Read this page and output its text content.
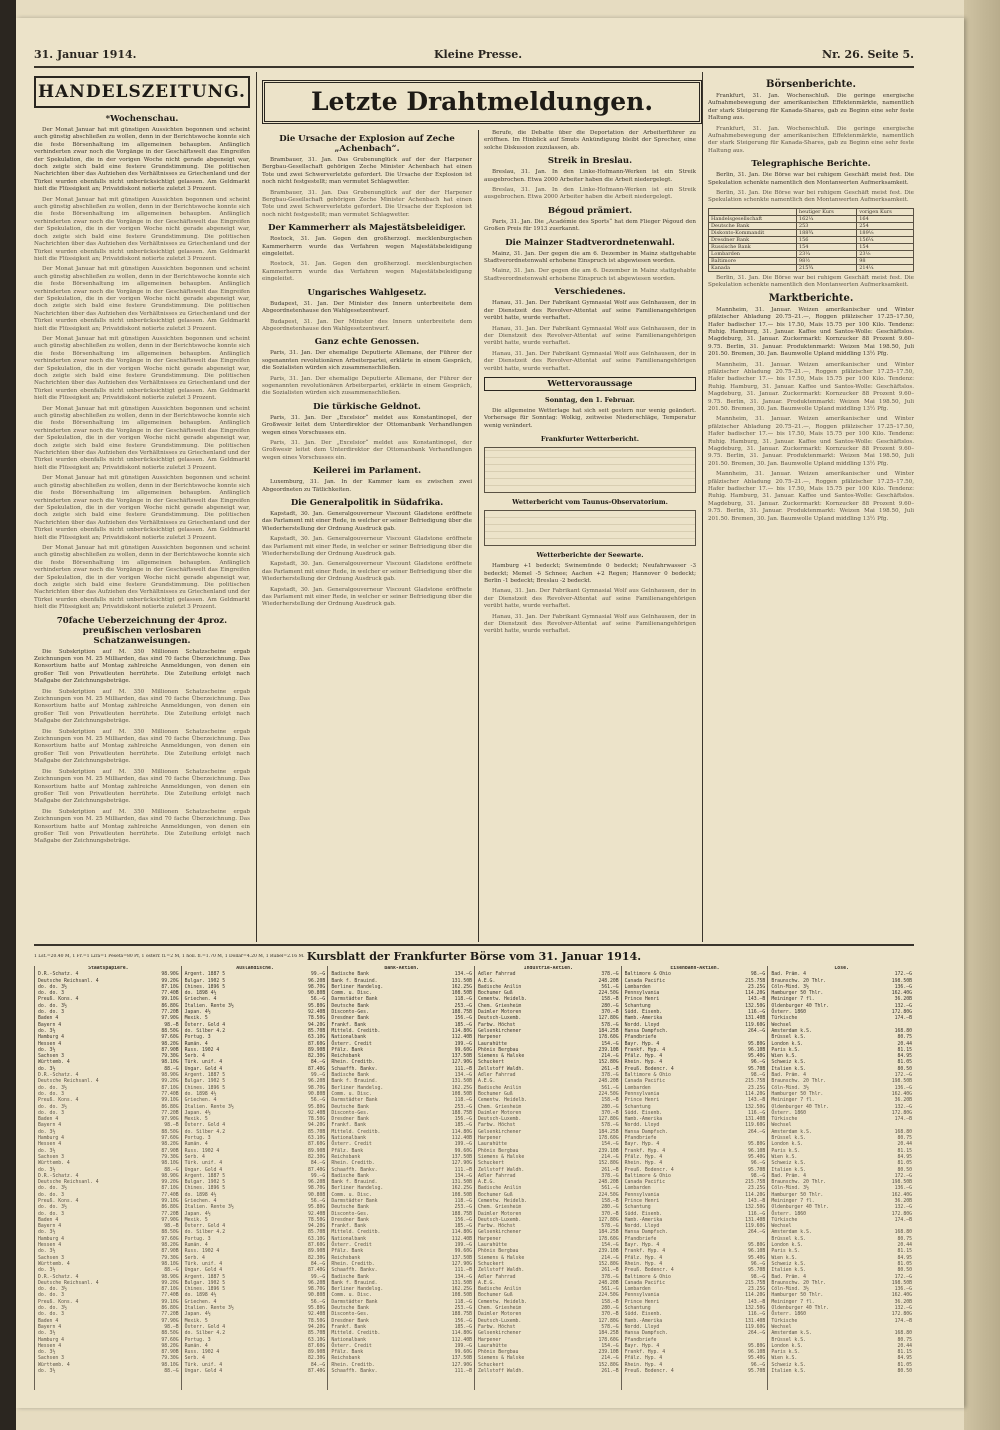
31. Januar 1914.	Kleine Presse.	Nr. 26. Seite 5.
HANDELSZEITUNG.
*Wochenschau.

Der Monat Januar hat mit günstigen Aussichten begonnen und scheint auch günstig abschließen zu wollen, denn in der Berichtswoche konnte sich die feste Börsenhaltung im allgemeinen behaupten. Anfänglich verhinderten zwar noch die Vorgänge in der Geschäftswelt das Eingreifen der Spekulation, die in der vorigen Woche nicht gerade abgeneigt war, doch zeigte sich bald eine festere Grundstimmung. Die politischen Nachrichten über das Aufziehen des Verhältnisses zu Griechenland und der Türkei wurden ebenfalls nicht unberücksichtigt gelassen. Am Geldmarkt hielt die Flüssigkeit an; Privatdiskont notierte zuletzt 3 Prozent.

Der Monat Januar hat mit günstigen Aussichten begonnen und scheint auch günstig abschließen zu wollen, denn in der Berichtswoche konnte sich die feste Börsenhaltung im allgemeinen behaupten. Anfänglich verhinderten zwar noch die Vorgänge in der Geschäftswelt das Eingreifen der Spekulation, die in der vorigen Woche nicht gerade abgeneigt war, doch zeigte sich bald eine festere Grundstimmung. Die politischen Nachrichten über das Aufziehen des Verhältnisses zu Griechenland und der Türkei wurden ebenfalls nicht unberücksichtigt gelassen. Am Geldmarkt hielt die Flüssigkeit an; Privatdiskont notierte zuletzt 3 Prozent.

Der Monat Januar hat mit günstigen Aussichten begonnen und scheint auch günstig abschließen zu wollen, denn in der Berichtswoche konnte sich die feste Börsenhaltung im allgemeinen behaupten. Anfänglich verhinderten zwar noch die Vorgänge in der Geschäftswelt das Eingreifen der Spekulation, die in der vorigen Woche nicht gerade abgeneigt war, doch zeigte sich bald eine festere Grundstimmung. Die politischen Nachrichten über das Aufziehen des Verhältnisses zu Griechenland und der Türkei wurden ebenfalls nicht unberücksichtigt gelassen. Am Geldmarkt hielt die Flüssigkeit an; Privatdiskont notierte zuletzt 3 Prozent.

Der Monat Januar hat mit günstigen Aussichten begonnen und scheint auch günstig abschließen zu wollen, denn in der Berichtswoche konnte sich die feste Börsenhaltung im allgemeinen behaupten. Anfänglich verhinderten zwar noch die Vorgänge in der Geschäftswelt das Eingreifen der Spekulation, die in der vorigen Woche nicht gerade abgeneigt war, doch zeigte sich bald eine festere Grundstimmung. Die politischen Nachrichten über das Aufziehen des Verhältnisses zu Griechenland und der Türkei wurden ebenfalls nicht unberücksichtigt gelassen. Am Geldmarkt hielt die Flüssigkeit an; Privatdiskont notierte zuletzt 3 Prozent.

Der Monat Januar hat mit günstigen Aussichten begonnen und scheint auch günstig abschließen zu wollen, denn in der Berichtswoche konnte sich die feste Börsenhaltung im allgemeinen behaupten. Anfänglich verhinderten zwar noch die Vorgänge in der Geschäftswelt das Eingreifen der Spekulation, die in der vorigen Woche nicht gerade abgeneigt war, doch zeigte sich bald eine festere Grundstimmung. Die politischen Nachrichten über das Aufziehen des Verhältnisses zu Griechenland und der Türkei wurden ebenfalls nicht unberücksichtigt gelassen. Am Geldmarkt hielt die Flüssigkeit an; Privatdiskont notierte zuletzt 3 Prozent.

Der Monat Januar hat mit günstigen Aussichten begonnen und scheint auch günstig abschließen zu wollen, denn in der Berichtswoche konnte sich die feste Börsenhaltung im allgemeinen behaupten. Anfänglich verhinderten zwar noch die Vorgänge in der Geschäftswelt das Eingreifen der Spekulation, die in der vorigen Woche nicht gerade abgeneigt war, doch zeigte sich bald eine festere Grundstimmung. Die politischen Nachrichten über das Aufziehen des Verhältnisses zu Griechenland und der Türkei wurden ebenfalls nicht unberücksichtigt gelassen. Am Geldmarkt hielt die Flüssigkeit an; Privatdiskont notierte zuletzt 3 Prozent.

Der Monat Januar hat mit günstigen Aussichten begonnen und scheint auch günstig abschließen zu wollen, denn in der Berichtswoche konnte sich die feste Börsenhaltung im allgemeinen behaupten. Anfänglich verhinderten zwar noch die Vorgänge in der Geschäftswelt das Eingreifen der Spekulation, die in der vorigen Woche nicht gerade abgeneigt war, doch zeigte sich bald eine festere Grundstimmung. Die politischen Nachrichten über das Aufziehen des Verhältnisses zu Griechenland und der Türkei wurden ebenfalls nicht unberücksichtigt gelassen. Am Geldmarkt hielt die Flüssigkeit an; Privatdiskont notierte zuletzt 3 Prozent.

70fache Ueberzeichnung der 4proz. preußischen verlosbaren Schatzanweisungen.

Die Subskription auf M. 350 Millionen Schatzscheine ergab Zeichnungen von M. 25 Milliarden, das sind 70 fache Überzeichnung. Das Konsortium hatte auf Montag zahlreiche Anmeldungen, von denen ein großer Teil von Privatleuten herrührte. Die Zuteilung erfolgt nach Maßgabe der Zeichnungsbeträge.

Die Subskription auf M. 350 Millionen Schatzscheine ergab Zeichnungen von M. 25 Milliarden, das sind 70 fache Überzeichnung. Das Konsortium hatte auf Montag zahlreiche Anmeldungen, von denen ein großer Teil von Privatleuten herrührte. Die Zuteilung erfolgt nach Maßgabe der Zeichnungsbeträge.

Die Subskription auf M. 350 Millionen Schatzscheine ergab Zeichnungen von M. 25 Milliarden, das sind 70 fache Überzeichnung. Das Konsortium hatte auf Montag zahlreiche Anmeldungen, von denen ein großer Teil von Privatleuten herrührte. Die Zuteilung erfolgt nach Maßgabe der Zeichnungsbeträge.

Die Subskription auf M. 350 Millionen Schatzscheine ergab Zeichnungen von M. 25 Milliarden, das sind 70 fache Überzeichnung. Das Konsortium hatte auf Montag zahlreiche Anmeldungen, von denen ein großer Teil von Privatleuten herrührte. Die Zuteilung erfolgt nach Maßgabe der Zeichnungsbeträge.

Die Subskription auf M. 350 Millionen Schatzscheine ergab Zeichnungen von M. 25 Milliarden, das sind 70 fache Überzeichnung. Das Konsortium hatte auf Montag zahlreiche Anmeldungen, von denen ein großer Teil von Privatleuten herrührte. Die Zuteilung erfolgt nach Maßgabe der Zeichnungsbeträge.

Letzte Drahtmeldungen.
Die Ursache der Explosion auf Zeche „Achenbach“.

Brambauer, 31. Jan. Das Grubenunglück auf der der Harpener Bergbau-Gesellschaft gehörigen Zeche Minister Achenbach hat einen Tote und zwei Schwerverletzte gefordert. Die Ursache der Explosion ist noch nicht festgestellt; man vermutet Schlagwetter.

Brambauer, 31. Jan. Das Grubenunglück auf der der Harpener Bergbau-Gesellschaft gehörigen Zeche Minister Achenbach hat einen Tote und zwei Schwerverletzte gefordert. Die Ursache der Explosion ist noch nicht festgestellt; man vermutet Schlagwetter.

Der Kammerherr als Majestätsbeleidiger.

Rostock, 31. Jan. Gegen den großherzogl. mecklenburgischen Kammerherrn wurde das Verfahren wegen Majestätsbeleidigung eingeleitet.

Rostock, 31. Jan. Gegen den großherzogl. mecklenburgischen Kammerherrn wurde das Verfahren wegen Majestätsbeleidigung eingeleitet.

Ungarisches Wahlgesetz.

Budapest, 31. Jan. Der Minister des Innern unterbreitete dem Abgeordnetenhause den Wahlgesetzentwurf.

Budapest, 31. Jan. Der Minister des Innern unterbreitete dem Abgeordnetenhause den Wahlgesetzentwurf.

Ganz echte Genossen.

Paris, 31. Jan. Der ehemalige Deputierte Allemane, der Führer der sogenannten revolutionären Arbeiterpartei, erklärte in einem Gespräch, die Sozialisten würden sich zusammenschließen.

Paris, 31. Jan. Der ehemalige Deputierte Allemane, der Führer der sogenannten revolutionären Arbeiterpartei, erklärte in einem Gespräch, die Sozialisten würden sich zusammenschließen.

Die türkische Geldnot.

Paris, 31. Jan. Der „Excelsior“ meldet aus Konstantinopel, der Großwesir leitet dem Unterdirektor der Ottomanbank Verhandlungen wegen eines Vorschusses ein.

Paris, 31. Jan. Der „Excelsior“ meldet aus Konstantinopel, der Großwesir leitet dem Unterdirektor der Ottomanbank Verhandlungen wegen eines Vorschusses ein.

Keilerei im Parlament.

Luxemburg, 31. Jan. In der Kammer kam es zwischen zwei Abgeordneten zu Tätlichkeiten.

Die Generalpolitik in Südafrika.

Kapstadt, 30. Jan. Generalgouverneur Viscount Gladstone eröffnete das Parlament mit einer Rede, in welcher er seiner Befriedigung über die Wiederherstellung der Ordnung Ausdruck gab.

Kapstadt, 30. Jan. Generalgouverneur Viscount Gladstone eröffnete das Parlament mit einer Rede, in welcher er seiner Befriedigung über die Wiederherstellung der Ordnung Ausdruck gab.

Kapstadt, 30. Jan. Generalgouverneur Viscount Gladstone eröffnete das Parlament mit einer Rede, in welcher er seiner Befriedigung über die Wiederherstellung der Ordnung Ausdruck gab.

Kapstadt, 30. Jan. Generalgouverneur Viscount Gladstone eröffnete das Parlament mit einer Rede, in welcher er seiner Befriedigung über die Wiederherstellung der Ordnung Ausdruck gab.

Berufe, die Debatte über die Deportation der Arbeiterführer zu eröffnen. Im Hinblick auf Smuts Ankündigung bleibt der Sprecher, eine solche Diskussion zuzulassen, ab.

Streik in Breslau.

Breslau, 31. Jan. In den Linke-Hofmann-Werken ist ein Streik ausgebrochen. Etwa 2000 Arbeiter haben die Arbeit niedergelegt.

Breslau, 31. Jan. In den Linke-Hofmann-Werken ist ein Streik ausgebrochen. Etwa 2000 Arbeiter haben die Arbeit niedergelegt.

Bégoud prämiert.

Paris, 31. Jan. Die „Académie des Sports“ hat dem Flieger Pégoud den Großen Preis für 1913 zuerkannt.

Die Mainzer Stadtverordnetenwahl.

Mainz, 31. Jan. Der gegen die am 6. Dezember in Mainz stattgehabte Stadtverordnetenwahl erhobene Einspruch ist abgewiesen worden.

Mainz, 31. Jan. Der gegen die am 6. Dezember in Mainz stattgehabte Stadtverordnetenwahl erhobene Einspruch ist abgewiesen worden.

Verschiedenes.

Hanau, 31. Jan. Der Fabrikant Gymnasial Wolf aus Gelnhausen, der in der Dienstzeit des Revolver-Attentat auf seine Familienangehörigen verübt hatte, wurde verhaftet.

Hanau, 31. Jan. Der Fabrikant Gymnasial Wolf aus Gelnhausen, der in der Dienstzeit des Revolver-Attentat auf seine Familienangehörigen verübt hatte, wurde verhaftet.

Hanau, 31. Jan. Der Fabrikant Gymnasial Wolf aus Gelnhausen, der in der Dienstzeit des Revolver-Attentat auf seine Familienangehörigen verübt hatte, wurde verhaftet.

Wettervoraussage
Sonntag, den 1. Februar.

Die allgemeine Wetterlage hat sich seit gestern nur wenig geändert. Vorhersage für Sonntag: Wolkig, zeitweise Niederschläge, Temperatur wenig verändert.

Frankfurter Wetterbericht.
Wetterbericht vom Taunus-Observatorium.
Wetterberichte der Seewarte.

Hamburg +1 bedeckt; Swinemünde 0 bedeckt; Neufahrwasser -3 bedeckt; Memel -5 Schnee; Aachen +2 Regen; Hannover 0 bedeckt; Berlin -1 bedeckt; Breslau -2 bedeckt.

Hanau, 31. Jan. Der Fabrikant Gymnasial Wolf aus Gelnhausen, der in der Dienstzeit des Revolver-Attentat auf seine Familienangehörigen verübt hatte, wurde verhaftet.

Hanau, 31. Jan. Der Fabrikant Gymnasial Wolf aus Gelnhausen, der in der Dienstzeit des Revolver-Attentat auf seine Familienangehörigen verübt hatte, wurde verhaftet.

Börsenberichte.

Frankfurt, 31. Jan. Wochenschluß. Die geringe energische Aufnahmebewegung der amerikanischen Effektenmärkte, namentlich der stark Steigerung für Kanada-Shares, gab zu Beginn eine sehr feste Haltung aus.

Frankfurt, 31. Jan. Wochenschluß. Die geringe energische Aufnahmebewegung der amerikanischen Effektenmärkte, namentlich der stark Steigerung für Kanada-Shares, gab zu Beginn eine sehr feste Haltung aus.

Telegraphische Berichte.

Berlin, 31. Jan. Die Börse war bei ruhigem Geschäft meist fest. Die Spekulation schenkte namentlich den Montanwerten Aufmerksamkeit.

Berlin, 31. Jan. Die Börse war bei ruhigem Geschäft meist fest. Die Spekulation schenkte namentlich den Montanwerten Aufmerksamkeit.

	heutiger Kurs	vorigen Kurs
Handelsgesellschaft	162¼	164
Deutsche Bank	253	254
Diskonto-Kommandit	188¾	189⅛
Dresdner Bank	156	156¼
Russische Bank	154	154
Lombarden	23¼	23⅛
Baltimore	98½	98
Kanada	215¾	214¼

Berlin, 31. Jan. Die Börse war bei ruhigem Geschäft meist fest. Die Spekulation schenkte namentlich den Montanwerten Aufmerksamkeit.

Marktberichte.

Mannheim, 31. Januar. Weizen amerikanischer und Winter pfälzischer Abladung 20.75–21.—, Roggen pfälzischer 17.25–17.50, Hafer badischer 17.— bis 17.50, Mais 15.75 per 100 Kilo. Tendenz: Ruhig. Hamburg, 31. Januar. Kaffee und Santos-Wolle: Geschäftslos. Magdeburg, 31. Januar. Zuckermarkt: Kornzucker 88 Prozent 9.60–9.75. Berlin, 31. Januar. Produktenmarkt: Weizen Mai 198.50, Juli 201.50. Bremen, 30. Jan. Baumwolle Upland middling 13½ Pfg.

Mannheim, 31. Januar. Weizen amerikanischer und Winter pfälzischer Abladung 20.75–21.—, Roggen pfälzischer 17.25–17.50, Hafer badischer 17.— bis 17.50, Mais 15.75 per 100 Kilo. Tendenz: Ruhig. Hamburg, 31. Januar. Kaffee und Santos-Wolle: Geschäftslos. Magdeburg, 31. Januar. Zuckermarkt: Kornzucker 88 Prozent 9.60–9.75. Berlin, 31. Januar. Produktenmarkt: Weizen Mai 198.50, Juli 201.50. Bremen, 30. Jan. Baumwolle Upland middling 13½ Pfg.

Mannheim, 31. Januar. Weizen amerikanischer und Winter pfälzischer Abladung 20.75–21.—, Roggen pfälzischer 17.25–17.50, Hafer badischer 17.— bis 17.50, Mais 15.75 per 100 Kilo. Tendenz: Ruhig. Hamburg, 31. Januar. Kaffee und Santos-Wolle: Geschäftslos. Magdeburg, 31. Januar. Zuckermarkt: Kornzucker 88 Prozent 9.60–9.75. Berlin, 31. Januar. Produktenmarkt: Weizen Mai 198.50, Juli 201.50. Bremen, 30. Jan. Baumwolle Upland middling 13½ Pfg.

Mannheim, 31. Januar. Weizen amerikanischer und Winter pfälzischer Abladung 20.75–21.—, Roggen pfälzischer 17.25–17.50, Hafer badischer 17.— bis 17.50, Mais 15.75 per 100 Kilo. Tendenz: Ruhig. Hamburg, 31. Januar. Kaffee und Santos-Wolle: Geschäftslos. Magdeburg, 31. Januar. Zuckermarkt: Kornzucker 88 Prozent 9.60–9.75. Berlin, 31. Januar. Produktenmarkt: Weizen Mai 198.50, Juli 201.50. Bremen, 30. Jan. Baumwolle Upland middling 13½ Pfg.

Kursblatt der Frankfurter Börse vom 31. Januar 1914.
1 Lst.=20.40 M, 1 Fr.=1 Lira=1 Peseta=80 Pf, 1 österr. fl.=2 M, 1 holl. fl.=1.70 M, 1 Dollar=4.20 M, 1 Rubel=2.16 M.
Staatspapiere.
D.R.-Schatz. 4	98.90G
Deutsche Reichsanl. 4	99.20G
do. do. 3½	87.10G
do. do. 3	77.40B
Preuß. Kons. 4	99.10G
do. do. 3½	86.80G
do. do. 3	77.20B
Baden 4	97.90G
Bayern 4	98.—B
do. 3½	88.50G
Hamburg 4	97.60G
Hessen 4	98.20G
do. 3½	87.90B
Sachsen 3	79.30G
Württemb. 4	98.10G
do. 3½	88.—G
D.R.-Schatz. 4	98.90G
Deutsche Reichsanl. 4	99.20G
do. do. 3½	87.10G
do. do. 3	77.40B
Preuß. Kons. 4	99.10G
do. do. 3½	86.80G
do. do. 3	77.20B
Baden 4	97.90G
Bayern 4	98.—B
do. 3½	88.50G
Hamburg 4	97.60G
Hessen 4	98.20G
do. 3½	87.90B
Sachsen 3	79.30G
Württemb. 4	98.10G
do. 3½	88.—G
D.R.-Schatz. 4	98.90G
Deutsche Reichsanl. 4	99.20G
do. do. 3½	87.10G
do. do. 3	77.40B
Preuß. Kons. 4	99.10G
do. do. 3½	86.80G
do. do. 3	77.20B
Baden 4	97.90G
Bayern 4	98.—B
do. 3½	88.50G
Hamburg 4	97.60G
Hessen 4	98.20G
do. 3½	87.90B
Sachsen 3	79.30G
Württemb. 4	98.10G
do. 3½	88.—G
D.R.-Schatz. 4	98.90G
Deutsche Reichsanl. 4	99.20G
do. do. 3½	87.10G
do. do. 3	77.40B
Preuß. Kons. 4	99.10G
do. do. 3½	86.80G
do. do. 3	77.20B
Baden 4	97.90G
Bayern 4	98.—B
do. 3½	88.50G
Hamburg 4	97.60G
Hessen 4	98.20G
do. 3½	87.90B
Sachsen 3	79.30G
Württemb. 4	98.10G
do. 3½	88.—G
Ausländische.
Argent. 1887 5	99.—G
Bulgar. 1902 5	96.20B
Chines. 1896 5	98.70G
do. 1898 4½	90.80B
Griechen. 4	56.—G
Italien. Rente 3½	95.80G
Japan. 4½	92.40B
Mexik. 5	78.50G
Österr. Gold 4	94.20G
do. Silber 4.2	85.70B
Portug. 3	63.10G
Rumän. 4	87.60G
Russ. 1902 4	89.90B
Serb. 4	82.30G
Türk. unif. 4	84.—G
Ungar. Gold 4	87.40G
Argent. 1887 5	99.—G
Bulgar. 1902 5	96.20B
Chines. 1896 5	98.70G
do. 1898 4½	90.80B
Griechen. 4	56.—G
Italien. Rente 3½	95.80G
Japan. 4½	92.40B
Mexik. 5	78.50G
Österr. Gold 4	94.20G
do. Silber 4.2	85.70B
Portug. 3	63.10G
Rumän. 4	87.60G
Russ. 1902 4	89.90B
Serb. 4	82.30G
Türk. unif. 4	84.—G
Ungar. Gold 4	87.40G
Argent. 1887 5	99.—G
Bulgar. 1902 5	96.20B
Chines. 1896 5	98.70G
do. 1898 4½	90.80B
Griechen. 4	56.—G
Italien. Rente 3½	95.80G
Japan. 4½	92.40B
Mexik. 5	78.50G
Österr. Gold 4	94.20G
do. Silber 4.2	85.70B
Portug. 3	63.10G
Rumän. 4	87.60G
Russ. 1902 4	89.90B
Serb. 4	82.30G
Türk. unif. 4	84.—G
Ungar. Gold 4	87.40G
Argent. 1887 5	99.—G
Bulgar. 1902 5	96.20B
Chines. 1896 5	98.70G
do. 1898 4½	90.80B
Griechen. 4	56.—G
Italien. Rente 3½	95.80G
Japan. 4½	92.40B
Mexik. 5	78.50G
Österr. Gold 4	94.20G
do. Silber 4.2	85.70B
Portug. 3	63.10G
Rumän. 4	87.60G
Russ. 1902 4	89.90B
Serb. 4	82.30G
Türk. unif. 4	84.—G
Ungar. Gold 4	87.40G
Bank-Aktien.
Badische Bank	134.—G
Bank f. Brauind.	131.50B
Berliner Handelsg.	162.25G
Comm. u. Disc.	108.50B
Darmstädter Bank	118.—G
Deutsche Bank	253.—G
Disconto-Ges.	188.75B
Dresdner Bank	156.—G
Frankf. Bank	185.—G
Mitteld. Creditb.	114.80G
Nationalbank	112.40B
Österr. Credit	199.—G
Pfälz. Bank	99.60G
Reichsbank	137.50B
Rhein. Creditb.	127.90G
Schaaffh. Bankv.	111.—B
Badische Bank	134.—G
Bank f. Brauind.	131.50B
Berliner Handelsg.	162.25G
Comm. u. Disc.	108.50B
Darmstädter Bank	118.—G
Deutsche Bank	253.—G
Disconto-Ges.	188.75B
Dresdner Bank	156.—G
Frankf. Bank	185.—G
Mitteld. Creditb.	114.80G
Nationalbank	112.40B
Österr. Credit	199.—G
Pfälz. Bank	99.60G
Reichsbank	137.50B
Rhein. Creditb.	127.90G
Schaaffh. Bankv.	111.—B
Badische Bank	134.—G
Bank f. Brauind.	131.50B
Berliner Handelsg.	162.25G
Comm. u. Disc.	108.50B
Darmstädter Bank	118.—G
Deutsche Bank	253.—G
Disconto-Ges.	188.75B
Dresdner Bank	156.—G
Frankf. Bank	185.—G
Mitteld. Creditb.	114.80G
Nationalbank	112.40B
Österr. Credit	199.—G
Pfälz. Bank	99.60G
Reichsbank	137.50B
Rhein. Creditb.	127.90G
Schaaffh. Bankv.	111.—B
Badische Bank	134.—G
Bank f. Brauind.	131.50B
Berliner Handelsg.	162.25G
Comm. u. Disc.	108.50B
Darmstädter Bank	118.—G
Deutsche Bank	253.—G
Disconto-Ges.	188.75B
Dresdner Bank	156.—G
Frankf. Bank	185.—G
Mitteld. Creditb.	114.80G
Nationalbank	112.40B
Österr. Credit	199.—G
Pfälz. Bank	99.60G
Reichsbank	137.50B
Rhein. Creditb.	127.90G
Schaaffh. Bankv.	111.—B
Industrie-Aktien.
Adler Fahrrad	378.—G
A.E.G.	248.20B
Badische Anilin	561.—G
Bochumer Guß	224.50G
Cementw. Heidelb.	158.—B
Chem. Griesheim	280.—G
Daimler Motoren	370.—B
Deutsch-Luxemb.	127.80G
Farbw. Höchst	578.—G
Gelsenkirchener	184.25B
Harpener	178.60G
Laurahütte	154.—G
Phönix Bergbau	239.10B
Siemens & Halske	214.—G
Schuckert	152.80G
Zellstoff Waldh.	261.—B
Adler Fahrrad	378.—G
A.E.G.	248.20B
Badische Anilin	561.—G
Bochumer Guß	224.50G
Cementw. Heidelb.	158.—B
Chem. Griesheim	280.—G
Daimler Motoren	370.—B
Deutsch-Luxemb.	127.80G
Farbw. Höchst	578.—G
Gelsenkirchener	184.25B
Harpener	178.60G
Laurahütte	154.—G
Phönix Bergbau	239.10B
Siemens & Halske	214.—G
Schuckert	152.80G
Zellstoff Waldh.	261.—B
Adler Fahrrad	378.—G
A.E.G.	248.20B
Badische Anilin	561.—G
Bochumer Guß	224.50G
Cementw. Heidelb.	158.—B
Chem. Griesheim	280.—G
Daimler Motoren	370.—B
Deutsch-Luxemb.	127.80G
Farbw. Höchst	578.—G
Gelsenkirchener	184.25B
Harpener	178.60G
Laurahütte	154.—G
Phönix Bergbau	239.10B
Siemens & Halske	214.—G
Schuckert	152.80G
Zellstoff Waldh.	261.—B
Adler Fahrrad	378.—G
A.E.G.	248.20B
Badische Anilin	561.—G
Bochumer Guß	224.50G
Cementw. Heidelb.	158.—B
Chem. Griesheim	280.—G
Daimler Motoren	370.—B
Deutsch-Luxemb.	127.80G
Farbw. Höchst	578.—G
Gelsenkirchener	184.25B
Harpener	178.60G
Laurahütte	154.—G
Phönix Bergbau	239.10B
Siemens & Halske	214.—G
Schuckert	152.80G
Zellstoff Waldh.	261.—B
Eisenbahn-Aktien.
Baltimore & Ohio	98.—G
Canada Pacific	215.75B
Lombarden	23.25G
Pennsylvania	114.20G
Prince Henri	143.—B
Schantung	132.50G
Südd. Eisenb.	116.—G
Hamb.-Amerika	131.40B
Nordd. Lloyd	119.60G
Hansa Dampfsch.	264.—G
Pfandbriefe
Bayr. Hyp. 4	95.80G
Frankf. Hyp. 4	96.10B
Pfälz. Hyp. 4	95.40G
Rhein. Hyp. 4	96.—G
Preuß. Bodencr. 4	95.70B
Baltimore & Ohio	98.—G
Canada Pacific	215.75B
Lombarden	23.25G
Pennsylvania	114.20G
Prince Henri	143.—B
Schantung	132.50G
Südd. Eisenb.	116.—G
Hamb.-Amerika	131.40B
Nordd. Lloyd	119.60G
Hansa Dampfsch.	264.—G
Pfandbriefe
Bayr. Hyp. 4	95.80G
Frankf. Hyp. 4	96.10B
Pfälz. Hyp. 4	95.40G
Rhein. Hyp. 4	96.—G
Preuß. Bodencr. 4	95.70B
Baltimore & Ohio	98.—G
Canada Pacific	215.75B
Lombarden	23.25G
Pennsylvania	114.20G
Prince Henri	143.—B
Schantung	132.50G
Südd. Eisenb.	116.—G
Hamb.-Amerika	131.40B
Nordd. Lloyd	119.60G
Hansa Dampfsch.	264.—G
Pfandbriefe
Bayr. Hyp. 4	95.80G
Frankf. Hyp. 4	96.10B
Pfälz. Hyp. 4	95.40G
Rhein. Hyp. 4	96.—G
Preuß. Bodencr. 4	95.70B
Baltimore & Ohio	98.—G
Canada Pacific	215.75B
Lombarden	23.25G
Pennsylvania	114.20G
Prince Henri	143.—B
Schantung	132.50G
Südd. Eisenb.	116.—G
Hamb.-Amerika	131.40B
Nordd. Lloyd	119.60G
Hansa Dampfsch.	264.—G
Pfandbriefe
Bayr. Hyp. 4	95.80G
Frankf. Hyp. 4	96.10B
Pfälz. Hyp. 4	95.40G
Rhein. Hyp. 4	96.—G
Preuß. Bodencr. 4	95.70B
Lose.
Bad. Präm. 4	172.—G
Braunschw. 20 Thlr.	198.50B
Cöln-Mind. 3½	136.—G
Hamburger 50 Thlr.	162.40G
Meininger 7 fl.	36.20B
Oldenburger 40 Thlr.	132.—G
Österr. 1860	172.80G
Türkische	174.—B
Wechsel
Amsterdam k.S.	168.80
Brüssel k.S.	80.75
London k.S.	20.44
Paris k.S.	81.15
Wien k.S.	84.95
Schweiz k.S.	81.05
Italien k.S.	80.50
Bad. Präm. 4	172.—G
Braunschw. 20 Thlr.	198.50B
Cöln-Mind. 3½	136.—G
Hamburger 50 Thlr.	162.40G
Meininger 7 fl.	36.20B
Oldenburger 40 Thlr.	132.—G
Österr. 1860	172.80G
Türkische	174.—B
Wechsel
Amsterdam k.S.	168.80
Brüssel k.S.	80.75
London k.S.	20.44
Paris k.S.	81.15
Wien k.S.	84.95
Schweiz k.S.	81.05
Italien k.S.	80.50
Bad. Präm. 4	172.—G
Braunschw. 20 Thlr.	198.50B
Cöln-Mind. 3½	136.—G
Hamburger 50 Thlr.	162.40G
Meininger 7 fl.	36.20B
Oldenburger 40 Thlr.	132.—G
Österr. 1860	172.80G
Türkische	174.—B
Wechsel
Amsterdam k.S.	168.80
Brüssel k.S.	80.75
London k.S.	20.44
Paris k.S.	81.15
Wien k.S.	84.95
Schweiz k.S.	81.05
Italien k.S.	80.50
Bad. Präm. 4	172.—G
Braunschw. 20 Thlr.	198.50B
Cöln-Mind. 3½	136.—G
Hamburger 50 Thlr.	162.40G
Meininger 7 fl.	36.20B
Oldenburger 40 Thlr.	132.—G
Österr. 1860	172.80G
Türkische	174.—B
Wechsel
Amsterdam k.S.	168.80
Brüssel k.S.	80.75
London k.S.	20.44
Paris k.S.	81.15
Wien k.S.	84.95
Schweiz k.S.	81.05
Italien k.S.	80.50
